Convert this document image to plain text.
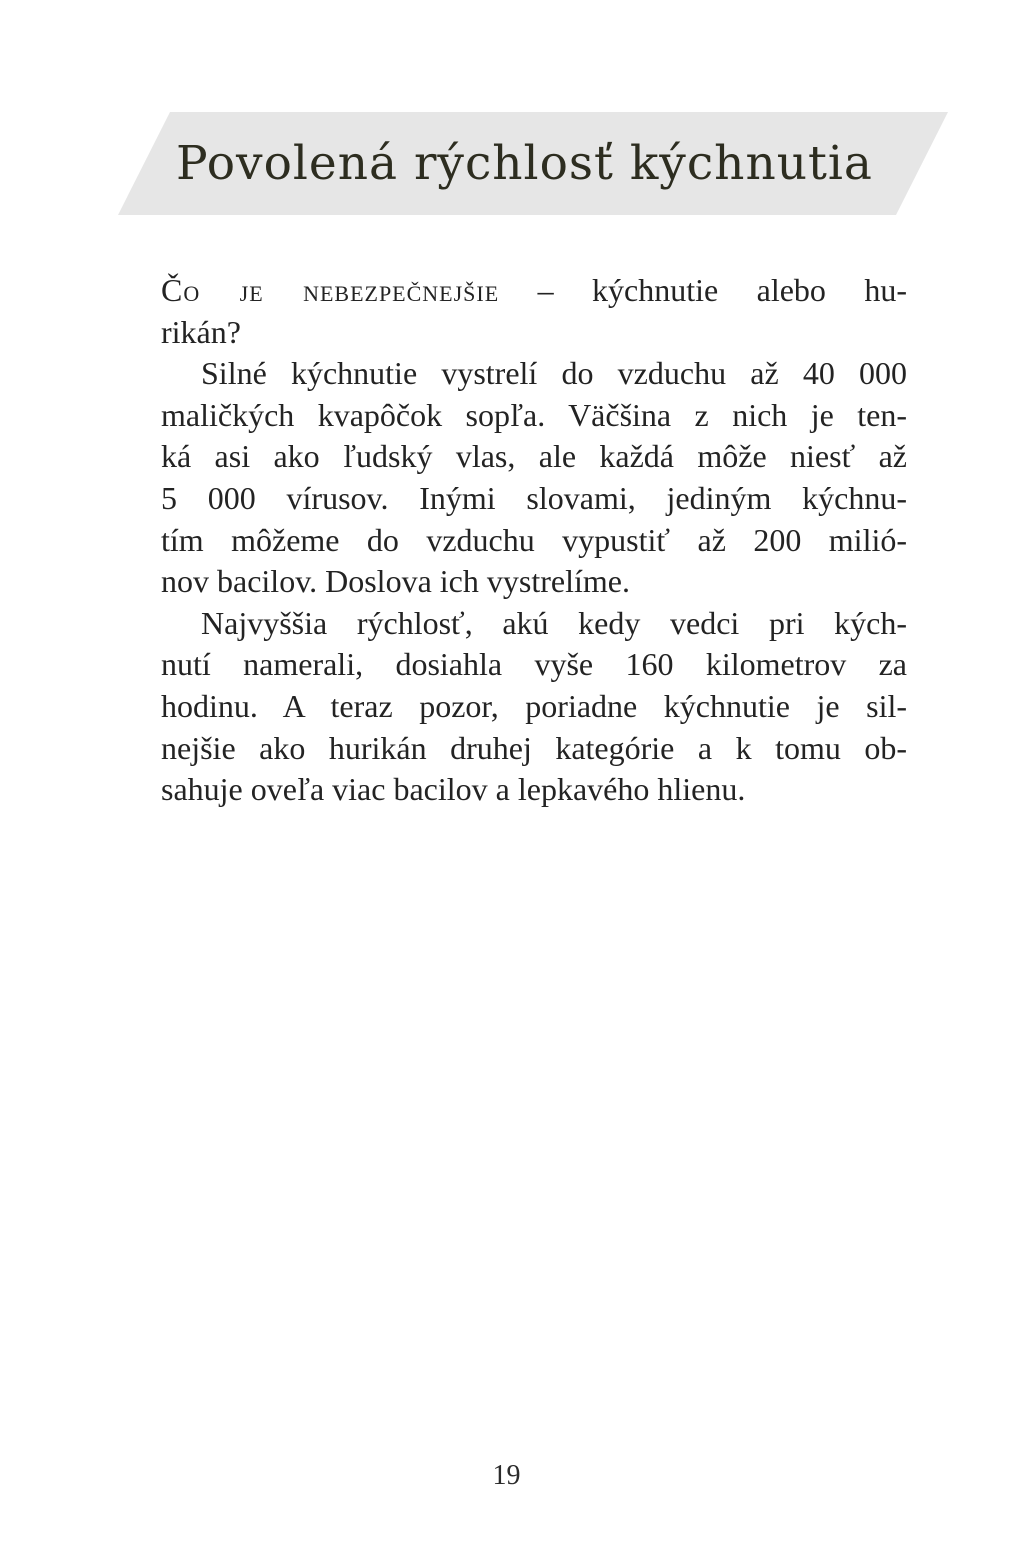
Povolená rýchlosť kýchnutia
Čo je nebezpečnejšie – kýchnutie alebo hu-
rikán?
Silné kýchnutie vystrelí do vzduchu až 40 000
maličkých kvapôčok sopľa. Väčšina z nich je ten-
ká asi ako ľudský vlas, ale každá môže niesť až
5 000 vírusov. Inými slovami, jediným kýchnu-
tím môžeme do vzduchu vypustiť až 200 milió-
nov bacilov. Doslova ich vystrelíme.
Najvyššia rýchlosť, akú kedy vedci pri kých-
nutí namerali, dosiahla vyše 160 kilometrov za
hodinu. A teraz pozor, poriadne kýchnutie je sil-
nejšie ako hurikán druhej kategórie a k tomu ob-
sahuje oveľa viac bacilov a lepkavého hlienu.
19
